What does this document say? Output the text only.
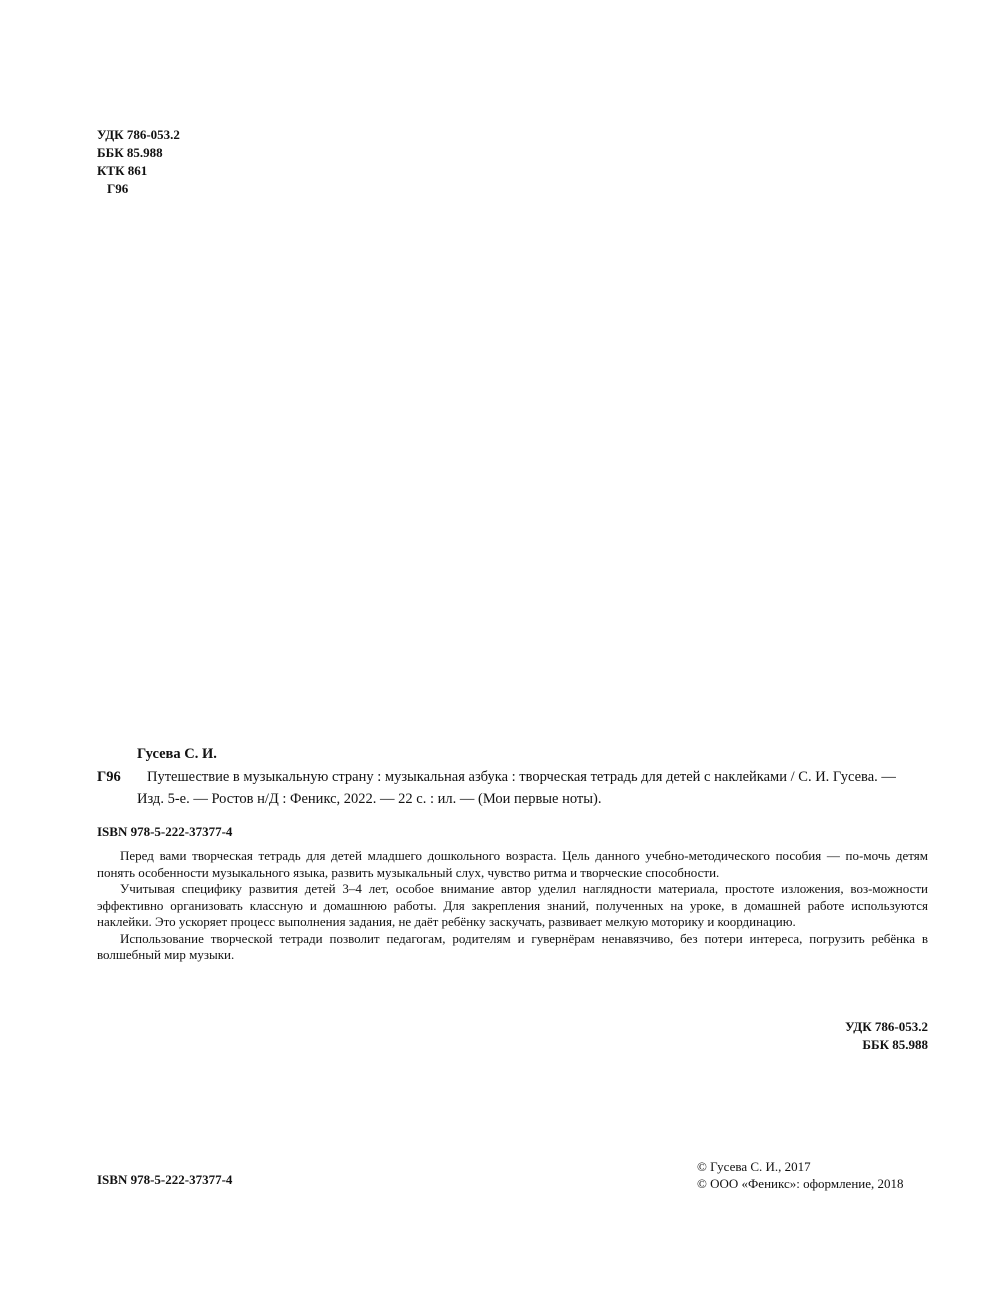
УДК 786-053.2
ББК 85.988
КТК 861
Г96
Гусева С. И.
Г96	Путешествие в музыкальную страну : музыкальная азбука : творческая тетрадь для детей с наклейками / С. И. Гусева. —
Изд. 5-е. — Ростов н/Д : Феникс, 2022. — 22 с. : ил. — (Мои первые ноты).
ISBN 978-5-222-37377-4

Перед вами творческая тетрадь для детей младшего дошкольного возраста. Цель данного учебно-методического пособия — по-мочь детям понять особенности музыкального языка, развить музыкальный слух, чувство ритма и творческие способности.

Учитывая специфику развития детей 3–4 лет, особое внимание автор уделил наглядности материала, простоте изложения, воз-можности эффективно организовать классную и домашнюю работы. Для закрепления знаний, полученных на уроке, в домашней работе используются наклейки. Это ускоряет процесс выполнения задания, не даёт ребёнку заскучать, развивает мелкую моторику и координацию.

Использование творческой тетради позволит педагогам, родителям и гувернёрам ненавязчиво, без потери интереса, погрузить ребёнка в волшебный мир музыки.

УДК 786-053.2
ББК 85.988
ISBN 978-5-222-37377-4
© Гусева С. И., 2017
© ООО «Феникс»: оформление, 2018
